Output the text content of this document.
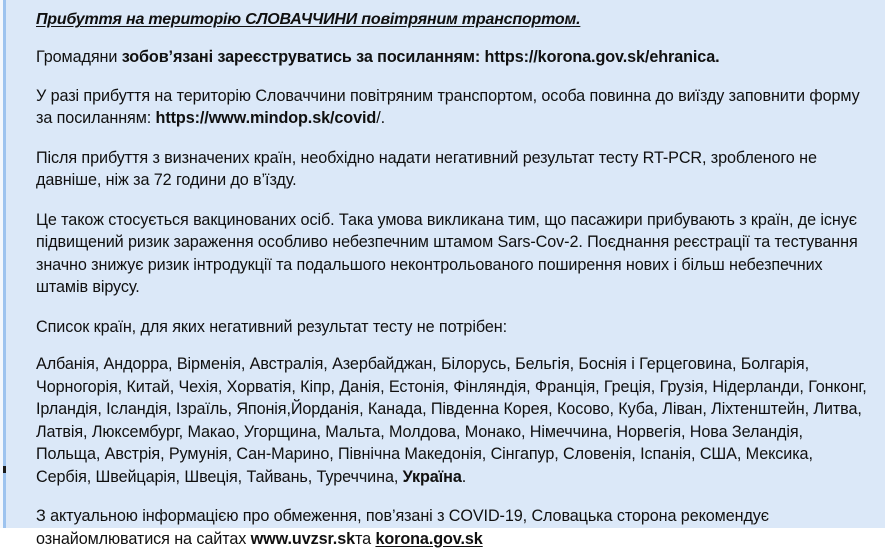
Прибуття на територію СЛОВАЧЧИНИ повітряним транспортом.

Громадяни зобов’язані зареєструватись за посиланням: https://korona.gov.sk/ehranica.

У разі прибуття на територію Словаччини повітряним транспортом, особа повинна до виїзду заповнити форму за посиланням: https://www.mindop.sk/covid/.

Після прибуття з визначених країн, необхідно надати негативний результат тесту RT-PCR, зробленого не давніше, ніж за 72 години до в’їзду.

Це також стосується вакцинованих осіб. Така умова викликана тим, що пасажири прибувають з країн, де існує підвищений ризик зараження особливо небезпечним штамом Sars-Cov-2. Поєднання реєстрації та тестування значно знижує ризик інтродукції та подальшого неконтрольованого поширення нових і більш небезпечних штамів вірусу.

Список країн, для яких негативний результат тесту не потрібен:

Албанія, Андорра, Вірменія, Австралія, Азербайджан, Білорусь, Бельгія, Боснія і Герцеговина, Болгарія, Чорногорія, Китай, Чехія, Хорватія, Кіпр, Данія, Естонія, Фінляндія, Франція, Греція, Грузія, Нідерланди, Гонконг, Ірландія, Ісландія, Ізраїль, Японія,Йорданія, Канада, Південна Корея, Косово, Куба, Ліван, Ліхтенштейн, Литва, Латвія, Люксембург, Макао, Угорщина, Мальта, Молдова, Монако, Німеччина, Норвегія, Нова Зеландія, Польща, Австрія, Румунія, Сан-Марино, Північна Македонія, Сінгапур, Словенія, Іспанія, США, Мексика, Сербія, Швейцарія, Швеція, Тайвань, Туреччина, Україна.

З актуальною інформацією про обмеження, пов’язані з COVID-19, Словацька сторона рекомендує ознайомлюватися на сайтах www.uvzsr.skта korona.gov.sk
